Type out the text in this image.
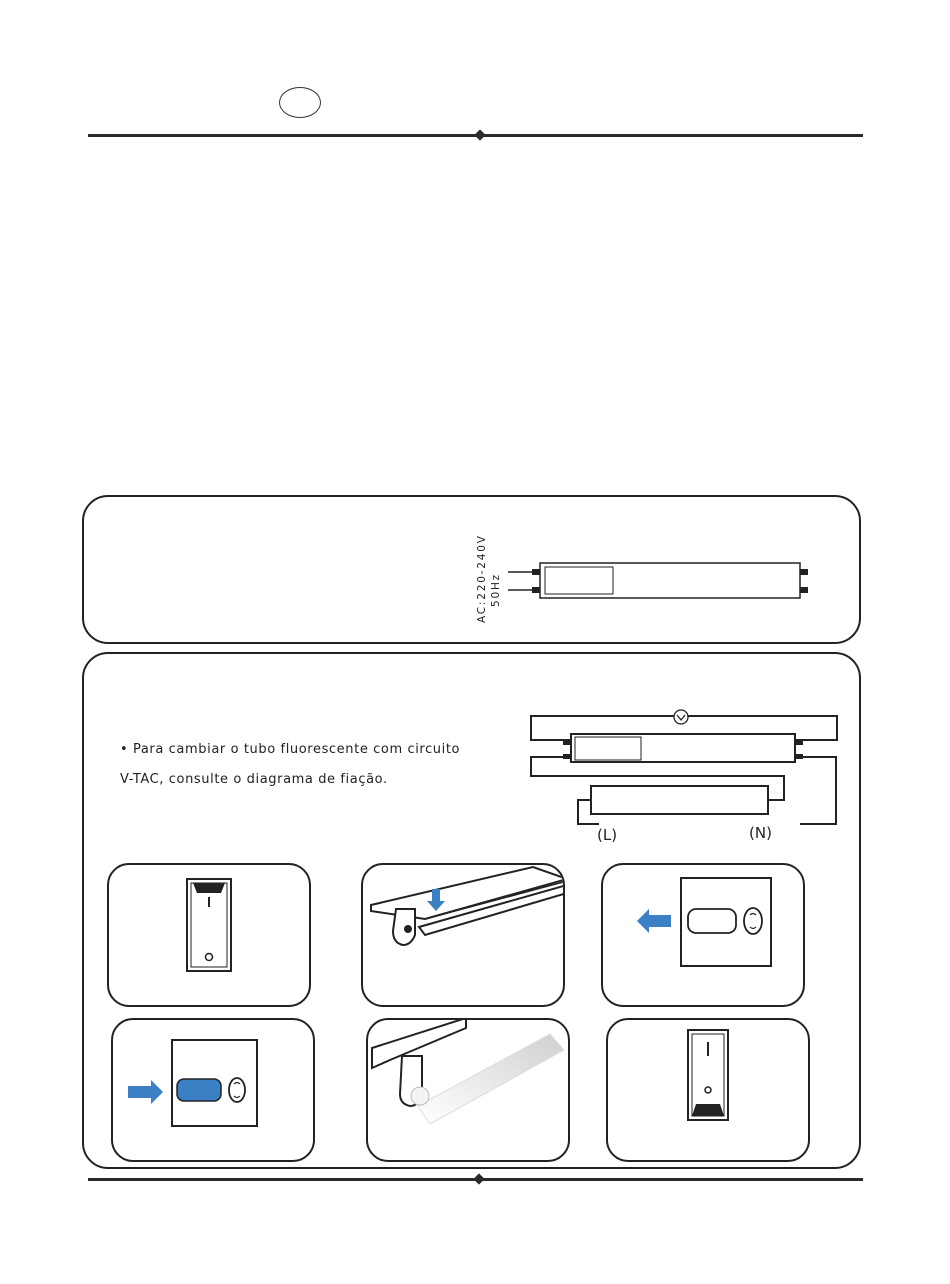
AC:220-240V 50Hz
• Para cambiar o tubo fluorescente com circuito
V-TAC, consulte o diagrama de fiação.
(L)	(N)
